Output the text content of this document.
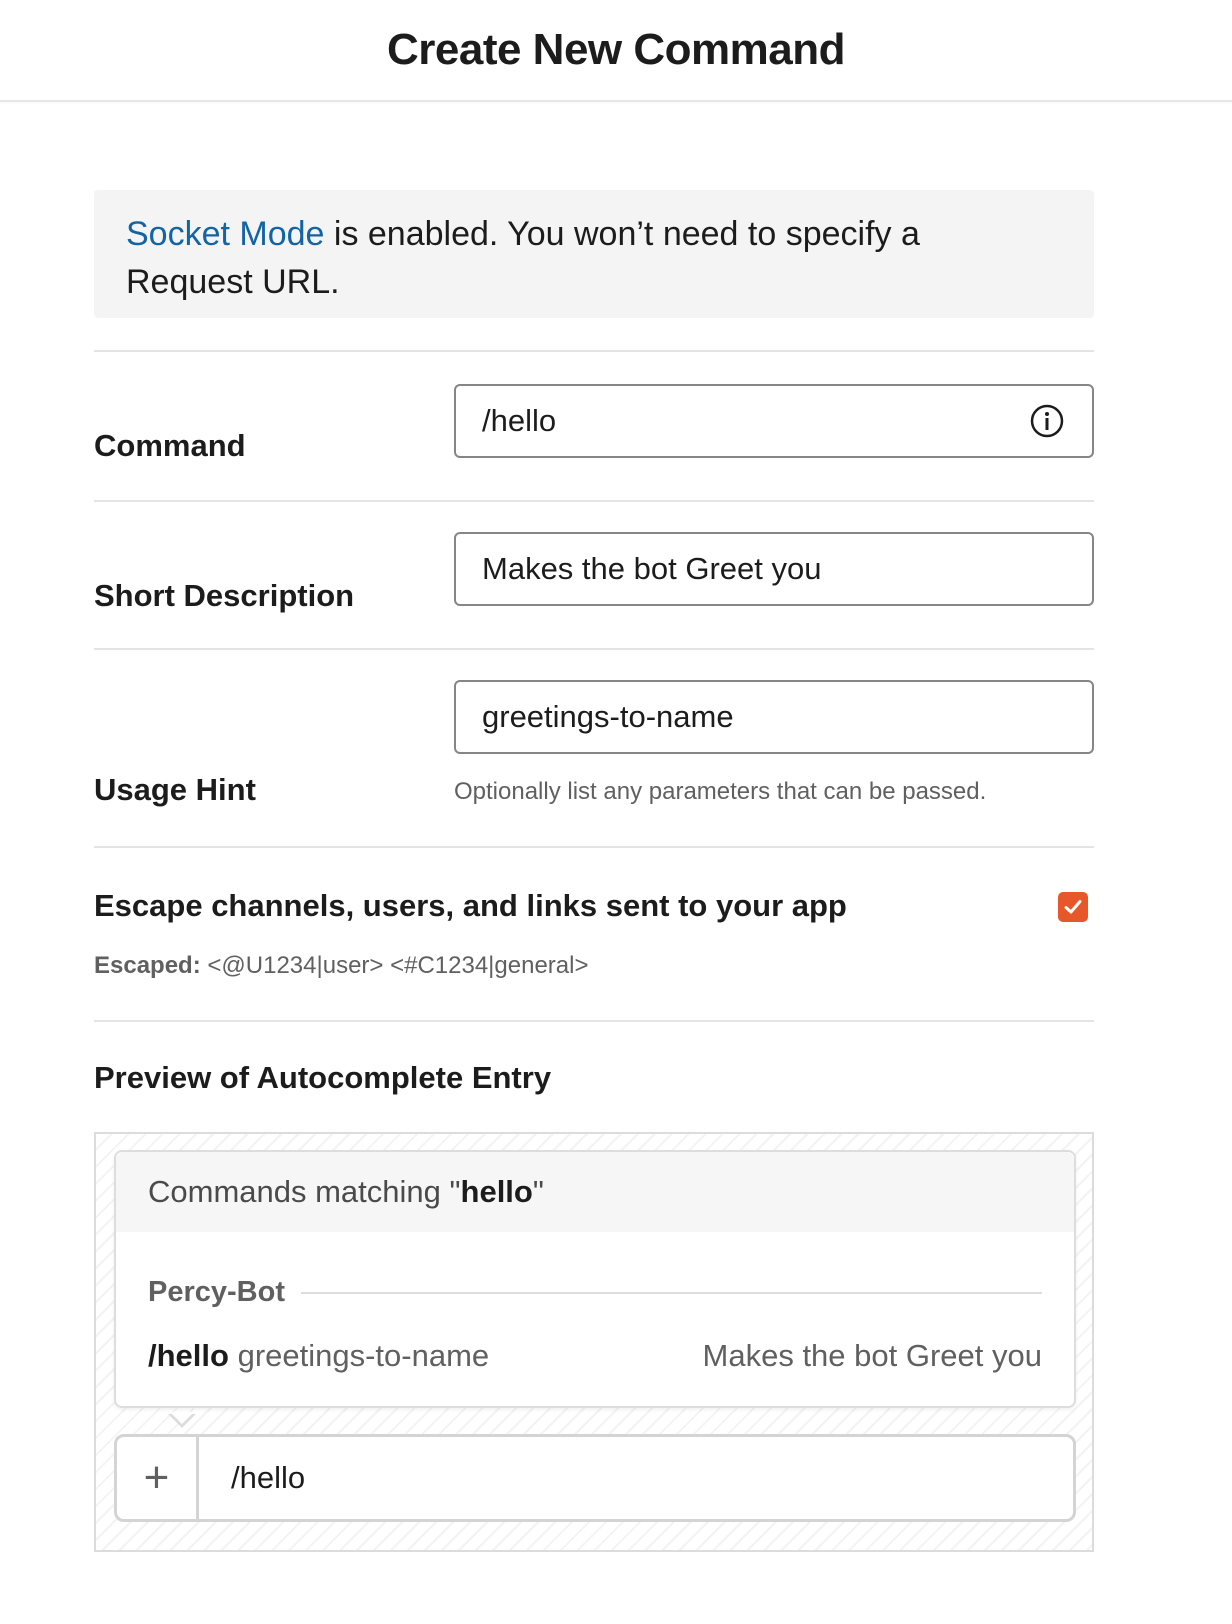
Create New Command
Socket Mode is enabled. You won’t need to specify a
Request URL.
Command
/hello
Short Description
Makes the bot Greet you
Usage Hint
greetings-to-name
Optionally list any parameters that can be passed.
Escape channels, users, and links sent to your app
Escaped: <@U1234|user> <#C1234|general>
Preview of Autocomplete Entry
Commands matching " hello "
Percy-Bot
/hello greetings-to-name	Makes the bot Greet you
+	/hello
